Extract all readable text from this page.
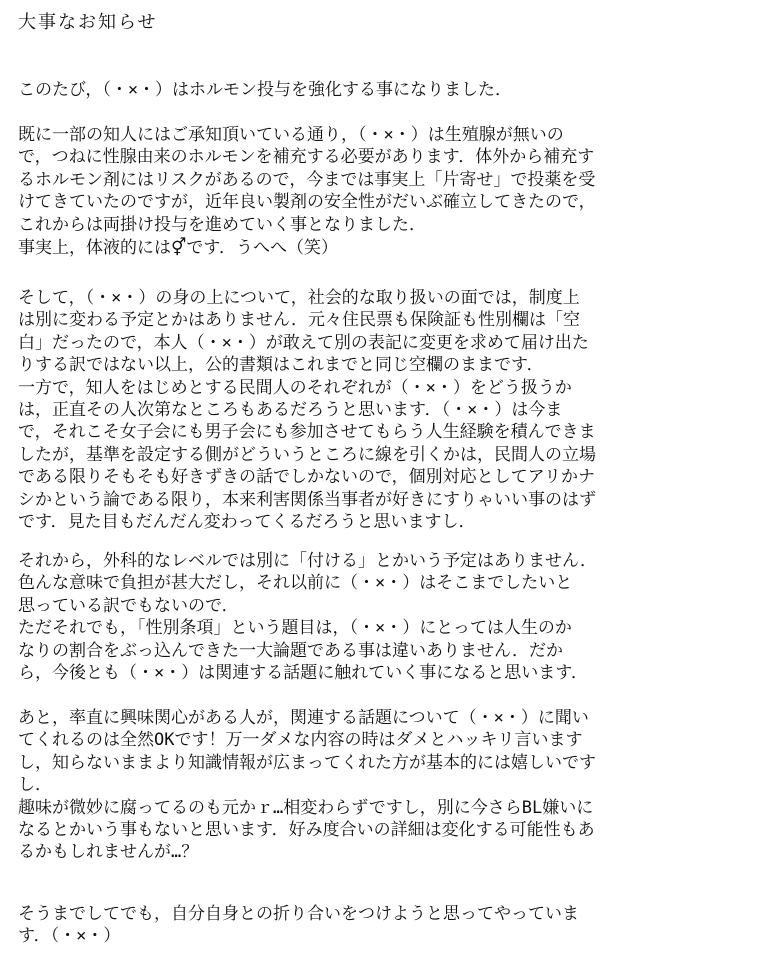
大事なお知らせ

このたび，（・×・）はホルモン投与を強化する事になりました．

既に一部の知人にはご承知頂いている通り，（・×・）は生殖腺が無いの
で，つねに性腺由来のホルモンを補充する必要があります．体外から補充す
るホルモン剤にはリスクがあるので，今までは事実上「片寄せ」で投薬を受
けてきていたのですが，近年良い製剤の安全性がだいぶ確立してきたので，
これからは両掛け投与を進めていく事となりました．

事実上，体液的には⚥です．うへへ（笑）

そして，（・×・）の身の上について，社会的な取り扱いの面では，制度上
は別に変わる予定とかはありません．元々住民票も保険証も性別欄は「空
白」だったので，本人（・×・）が敢えて別の表記に変更を求めて届け出た
りする訳ではない以上，公的書類はこれまでと同じ空欄のままです．
一方で，知人をはじめとする民間人のそれぞれが（・×・）をどう扱うか
は，正直その人次第なところもあるだろうと思います．（・×・）は今ま
で，それこそ女子会にも男子会にも参加させてもらう人生経験を積んできま
したが，基準を設定する側がどういうところに線を引くかは，民間人の立場
である限りそもそも好きずきの話でしかないので，個別対応としてアリかナ
シかという論である限り，本来利害関係当事者が好きにすりゃいい事のはず
です．見た目もだんだん変わってくるだろうと思いますし．

それから，外科的なレベルでは別に「付ける」とかいう予定はありません．
色んな意味で負担が甚大だし，それ以前に（・×・）はそこまでしたいと
思っている訳でもないので．
ただそれでも，「性別条項」という題目は，（・×・）にとっては人生のか
なりの割合をぶっ込んできた一大論題である事は違いありません．だか
ら，今後とも（・×・）は関連する話題に触れていく事になると思います．

あと，率直に興味関心がある人が，関連する話題について（・×・）に聞い
てくれるのは全然OKです！万一ダメな内容の時はダメとハッキリ言います
し，知らないままより知識情報が広まってくれた方が基本的には嬉しいです
し．
趣味が微妙に腐ってるのも元かｒ…相変わらずですし，別に今さらBL嫌いに
なるとかいう事もないと思います．好み度合いの詳細は変化する可能性もあ
るかもしれませんが…？

そうまでしてでも，自分自身との折り合いをつけようと思ってやっていま
す．（・×・）
